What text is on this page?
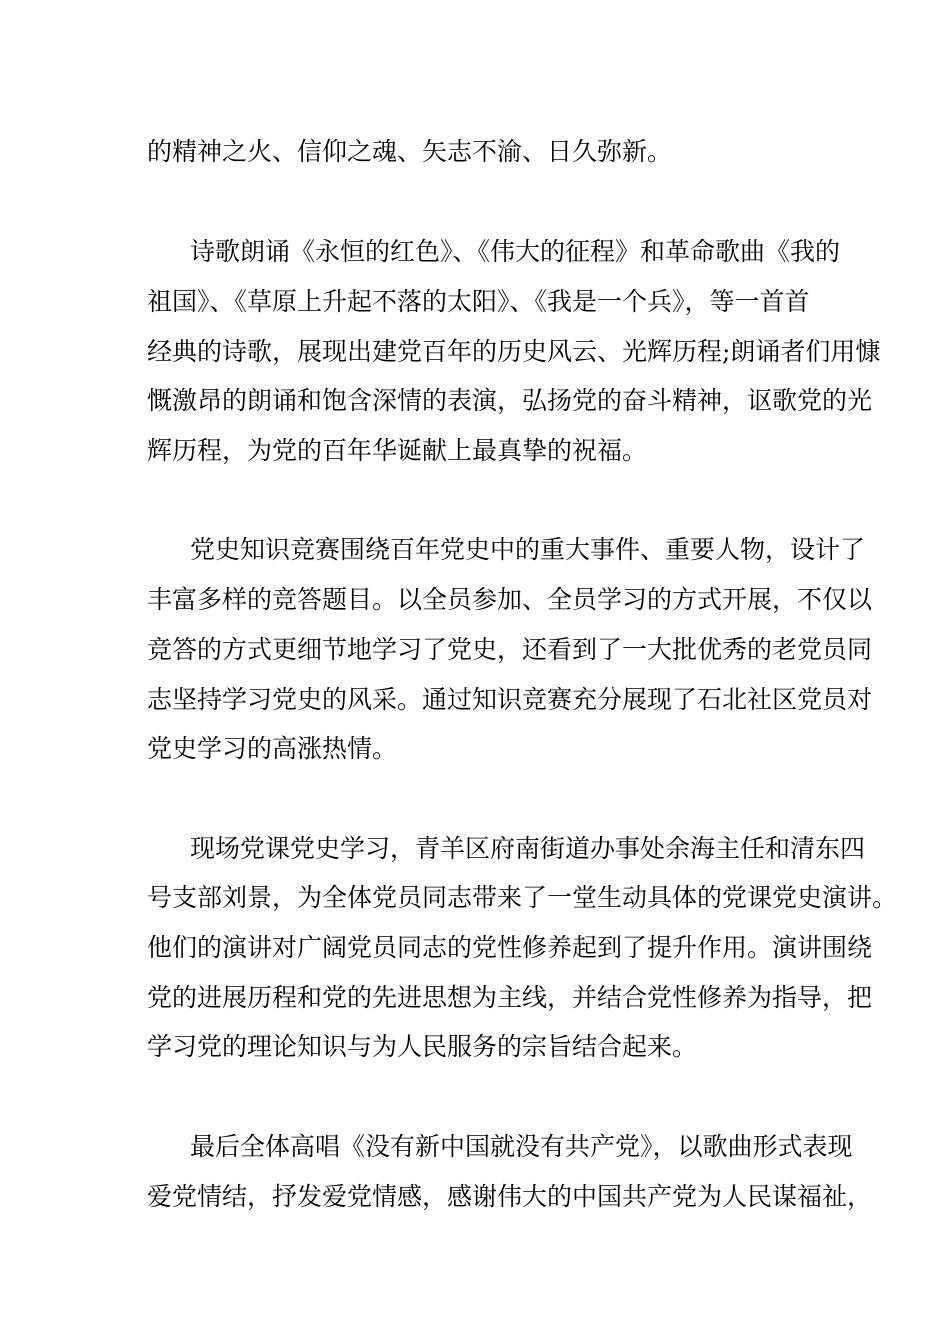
的精神之火、信仰之魂、矢志不渝、日久弥新。
诗歌朗诵《永恒的红色》、《伟大的征程》和革命歌曲《我的
祖国》、《草原上升起不落的太阳》、《我是一个兵》，等一首首
经典的诗歌，展现出建党百年的历史风云、光辉历程;朗诵者们用慷
慨激昂的朗诵和饱含深情的表演，弘扬党的奋斗精神，讴歌党的光
辉历程，为党的百年华诞献上最真挚的祝福。
党史知识竞赛围绕百年党史中的重大事件、重要人物，设计了
丰富多样的竞答题目。以全员参加、全员学习的方式开展，不仅以
竞答的方式更细节地学习了党史，还看到了一大批优秀的老党员同
志坚持学习党史的风采。通过知识竞赛充分展现了石北社区党员对
党史学习的高涨热情。
现场党课党史学习，青羊区府南街道办事处余海主任和清东四
号支部刘景，为全体党员同志带来了一堂生动具体的党课党史演讲。
他们的演讲对广阔党员同志的党性修养起到了提升作用。演讲围绕
党的进展历程和党的先进思想为主线，并结合党性修养为指导，把
学习党的理论知识与为人民服务的宗旨结合起来。
最后全体高唱《没有新中国就没有共产党》，以歌曲形式表现
爱党情结，抒发爱党情感，感谢伟大的中国共产党为人民谋福祉，
